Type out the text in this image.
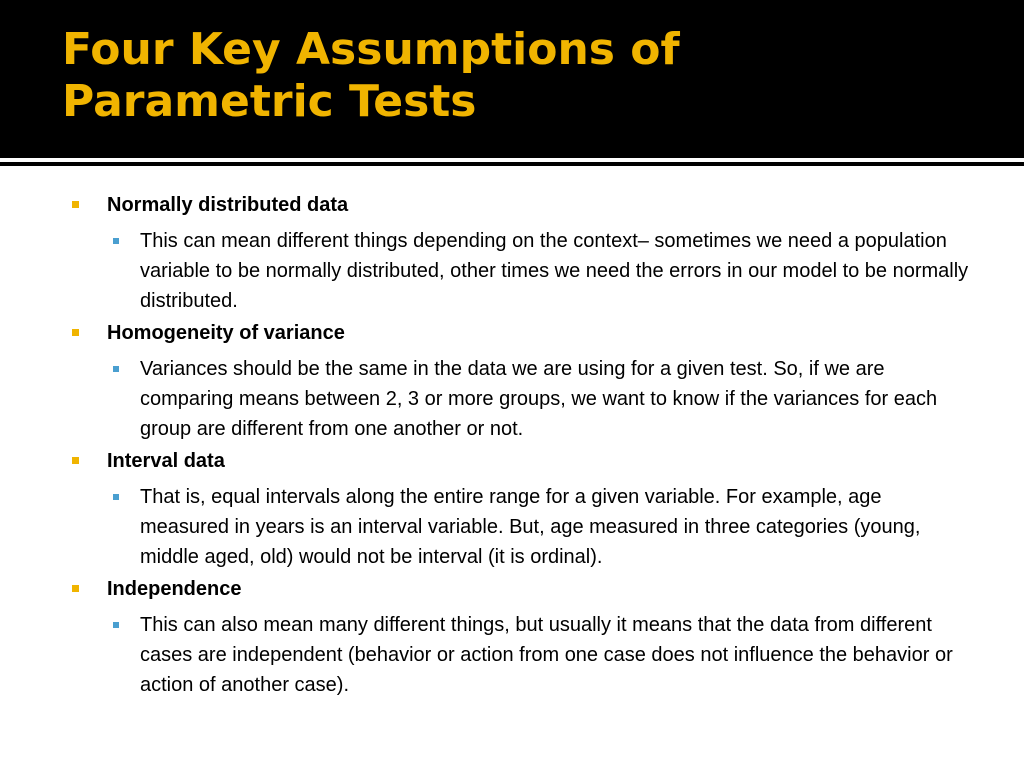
Four Key Assumptions of
Parametric Tests
Normally distributed data
This can mean different things depending on the context– sometimes we need a population variable to be normally distributed, other times we need the errors in our model to be normally distributed.
Homogeneity of variance
Variances should be the same in the data we are using for a given test. So, if we are comparing means between 2, 3 or more groups, we want to know if the variances for each group are different from one another or not.
Interval data
That is, equal intervals along the entire range for a given variable. For example, age measured in years is an interval variable. But, age measured in three categories (young, middle aged, old) would not be interval (it is ordinal).
Independence
This can also mean many different things, but usually it means that the data from different cases are independent (behavior or action from one case does not influence the behavior or action of another case).
